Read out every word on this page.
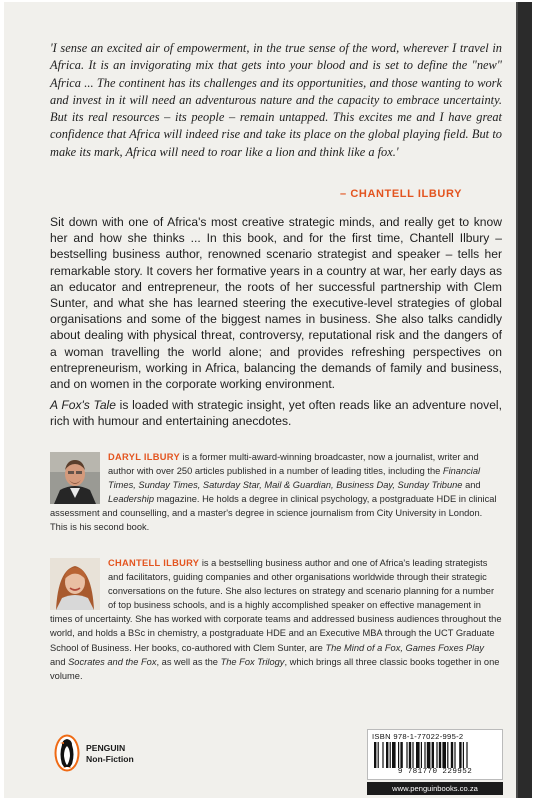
'I sense an excited air of empowerment, in the true sense of the word, wherever I travel in Africa. It is an invigorating mix that gets into your blood and is set to define the "new" Africa ... The continent has its challenges and its opportunities, and those wanting to work and invest in it will need an adventurous nature and the capacity to embrace uncertainty. But its real resources – its people – remain untapped. This excites me and I have great confidence that Africa will indeed rise and take its place on the global playing field. But to make its mark, Africa will need to roar like a lion and think like a fox.'
– CHANTELL ILBURY

Sit down with one of Africa's most creative strategic minds, and really get to know her and how she thinks ... In this book, and for the first time, Chantell Ilbury – bestselling business author, renowned scenario strategist and speaker – tells her remarkable story. It covers her formative years in a country at war, her early days as an educator and entrepreneur, the roots of her successful partnership with Clem Sunter, and what she has learned steering the executive-level strategies of global organisations and some of the biggest names in business. She also talks candidly about dealing with physical threat, controversy, reputational risk and the dangers of a woman travelling the world alone; and provides refreshing perspectives on entrepreneurism, working in Africa, balancing the demands of family and business, and on women in the corporate working environment.

A Fox's Tale is loaded with strategic insight, yet often reads like an adventure novel, rich with humour and entertaining anecdotes.

DARYL ILBURY is a former multi-award-winning broadcaster, now a journalist, writer and author with over 250 articles published in a number of leading titles, including the Financial Times, Sunday Times, Saturday Star, Mail & Guardian, Business Day, Sunday Tribune and Leadership magazine. He holds a degree in clinical psychology, a postgraduate HDE in clinical assessment and counselling, and a master's degree in science journalism from City University in London. This is his second book.
CHANTELL ILBURY is a bestselling business author and one of Africa's leading strategists and facilitators, guiding companies and other organisations worldwide through their strategic conversations on the future. She also lectures on strategy and scenario planning for a number of top business schools, and is a highly accomplished speaker on effective management in times of uncertainty. She has worked with corporate teams and addressed business audiences throughout the world, and holds a BSc in chemistry, a postgraduate HDE and an Executive MBA through the UCT Graduate School of Business. Her books, co-authored with Clem Sunter, are The Mind of a Fox, Games Foxes Play and Socrates and the Fox, as well as the The Fox Trilogy, which brings all three classic books together in one volume.
PENGUIN
Non-Fiction
ISBN 978-1-77022-995-2
9 781770 229952
www.penguinbooks.co.za
